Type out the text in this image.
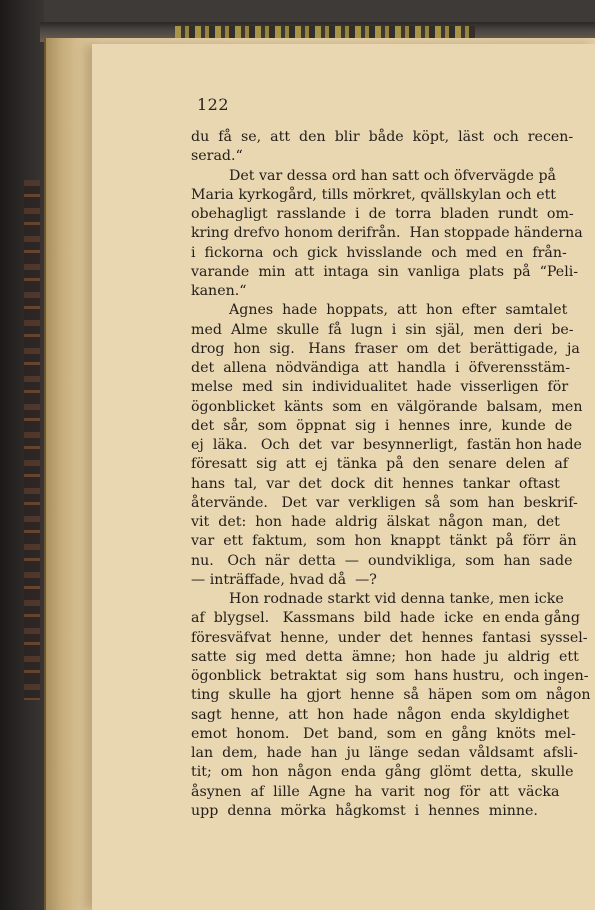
122
du  få  se,  att  den  blir  både  köpt,  läst  och  recen-
serad.“
Det var dessa ord han satt och öfvervägde på
Maria kyrkogård, tills mörkret, qvällskylan och ett
obehagligt  rasslande  i  de  torra  bladen  rundt  om-
kring drefvo honom derifrån.  Han stoppade händerna
i  fickorna  och  gick  hvisslande  och  med  en  från-
varande  min  att  intaga  sin  vanliga  plats  på  “Peli-
kanen.“
Agnes  hade  hoppats,  att  hon  efter  samtalet
med  Alme  skulle  få  lugn  i  sin  själ,  men  deri  be-
drog  hon  sig.   Hans  fraser  om  det  berättigade,  ja
det  allena  nödvändiga  att  handla  i  öfverensstäm-
melse  med  sin  individualitet  hade  visserligen  för
ögonblicket  känts  som  en  välgörande  balsam,  men
det  sår,  som  öppnat  sig  i  hennes  inre,  kunde  de
ej  läka.   Och  det  var  besynnerligt,  fastän hon hade
föresatt  sig  att  ej  tänka  på  den  senare  delen  af
hans  tal,  var  det  dock  dit  hennes  tankar  oftast
återvände.   Det  var  verkligen  så  som  han  beskrif-
vit  det:  hon  hade  aldrig  älskat  någon  man,  det
var  ett  faktum,  som  hon  knappt  tänkt  på  förr  än
nu.   Och  när  detta  —  oundvikliga,  som  han  sade
— inträffade, hvad då  —?
Hon rodnade starkt vid denna tanke, men icke
af  blygsel.   Kassmans  bild  hade  icke  en enda gång
föresväfvat  henne,  under  det  hennes  fantasi  syssel-
satte  sig  med  detta  ämne;  hon  hade  ju  aldrig  ett
ögonblick  betraktat  sig  som  hans hustru,  och ingen-
ting  skulle  ha  gjort  henne  så  häpen  som om  någon
sagt  henne,  att  hon  hade  någon  enda  skyldighet
emot  honom.   Det  band,  som  en  gång  knöts  mel-
lan  dem,  hade  han  ju  länge  sedan  våldsamt  afsli-
tit;  om  hon  någon  enda  gång  glömt  detta,  skulle
åsynen  af  lille  Agne  ha  varit  nog  för  att  väcka
upp  denna  mörka  hågkomst  i  hennes  minne.
